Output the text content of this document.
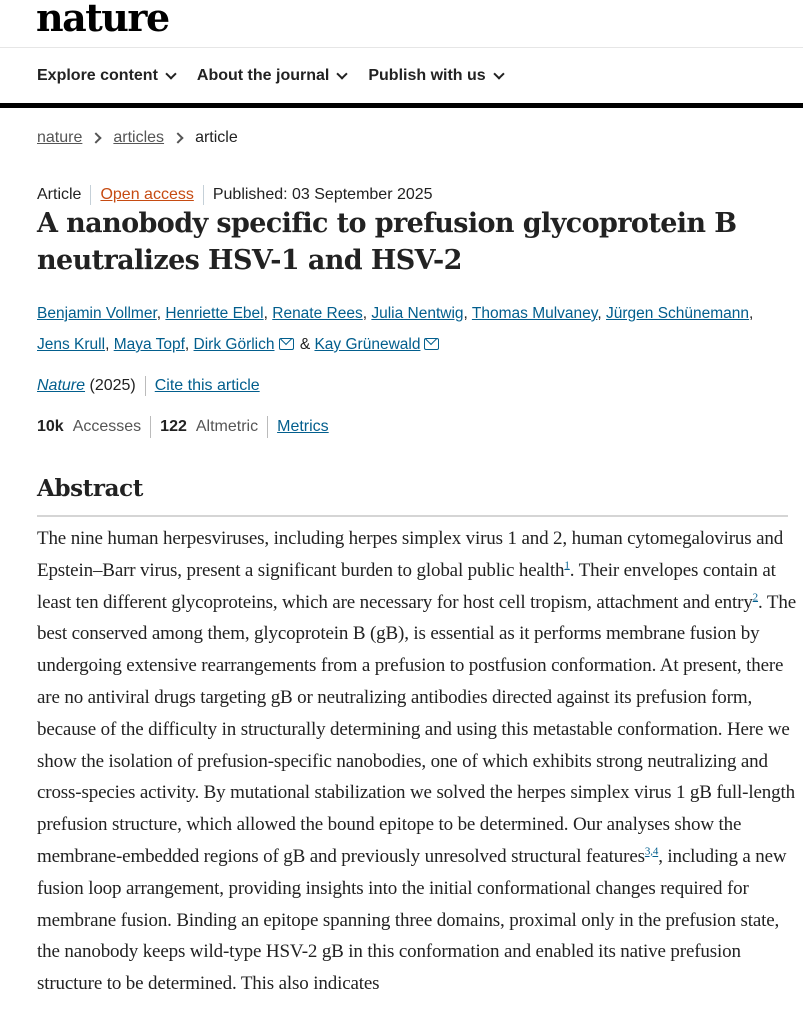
nature
Explore content About the journal Publish with us
nature articles article
Article Open access Published: 03 September 2025
A nanobody specific to prefusion glycoprotein B neutralizes HSV-1 and HSV-2
Benjamin Vollmer, Henriette Ebel, Renate Rees, Julia Nentwig, Thomas Mulvaney, Jürgen Schünemann,
Jens Krull, Maya Topf, Dirk Görlich & Kay Grünewald
Nature
(2025) Cite this article
10k Accesses 122 Altmetric Metrics
Abstract

The nine human herpesviruses, including herpes simplex virus 1 and 2, human cytomegalovirus and Epstein–Barr virus, present a significant burden to global public health$^1$. Their envelopes contain at least ten different glycoproteins, which are necessary for host cell tropism, attachment and entry$^2$. The best conserved among them, glycoprotein B (gB), is essential as it performs membrane fusion by undergoing extensive rearrangements from a prefusion to postfusion conformation. At present, there are no antiviral drugs targeting gB or neutralizing antibodies directed against its prefusion form, because of the difficulty in structurally determining and using this metastable conformation. Here we show the isolation of prefusion-specific nanobodies, one of which exhibits strong neutralizing and cross-species activity. By mutational stabilization we solved the herpes simplex virus 1 gB full-length prefusion structure, which allowed the bound epitope to be determined. Our analyses show the membrane-embedded regions of gB and previously unresolved structural features$^{3,4}$, including a new fusion loop arrangement, providing insights into the initial conformational changes required for membrane fusion. Binding an epitope spanning three domains, proximal only in the prefusion state, the nanobody keeps wild-type HSV-2 gB in this conformation and enabled its native prefusion structure to be determined. This also indicates
